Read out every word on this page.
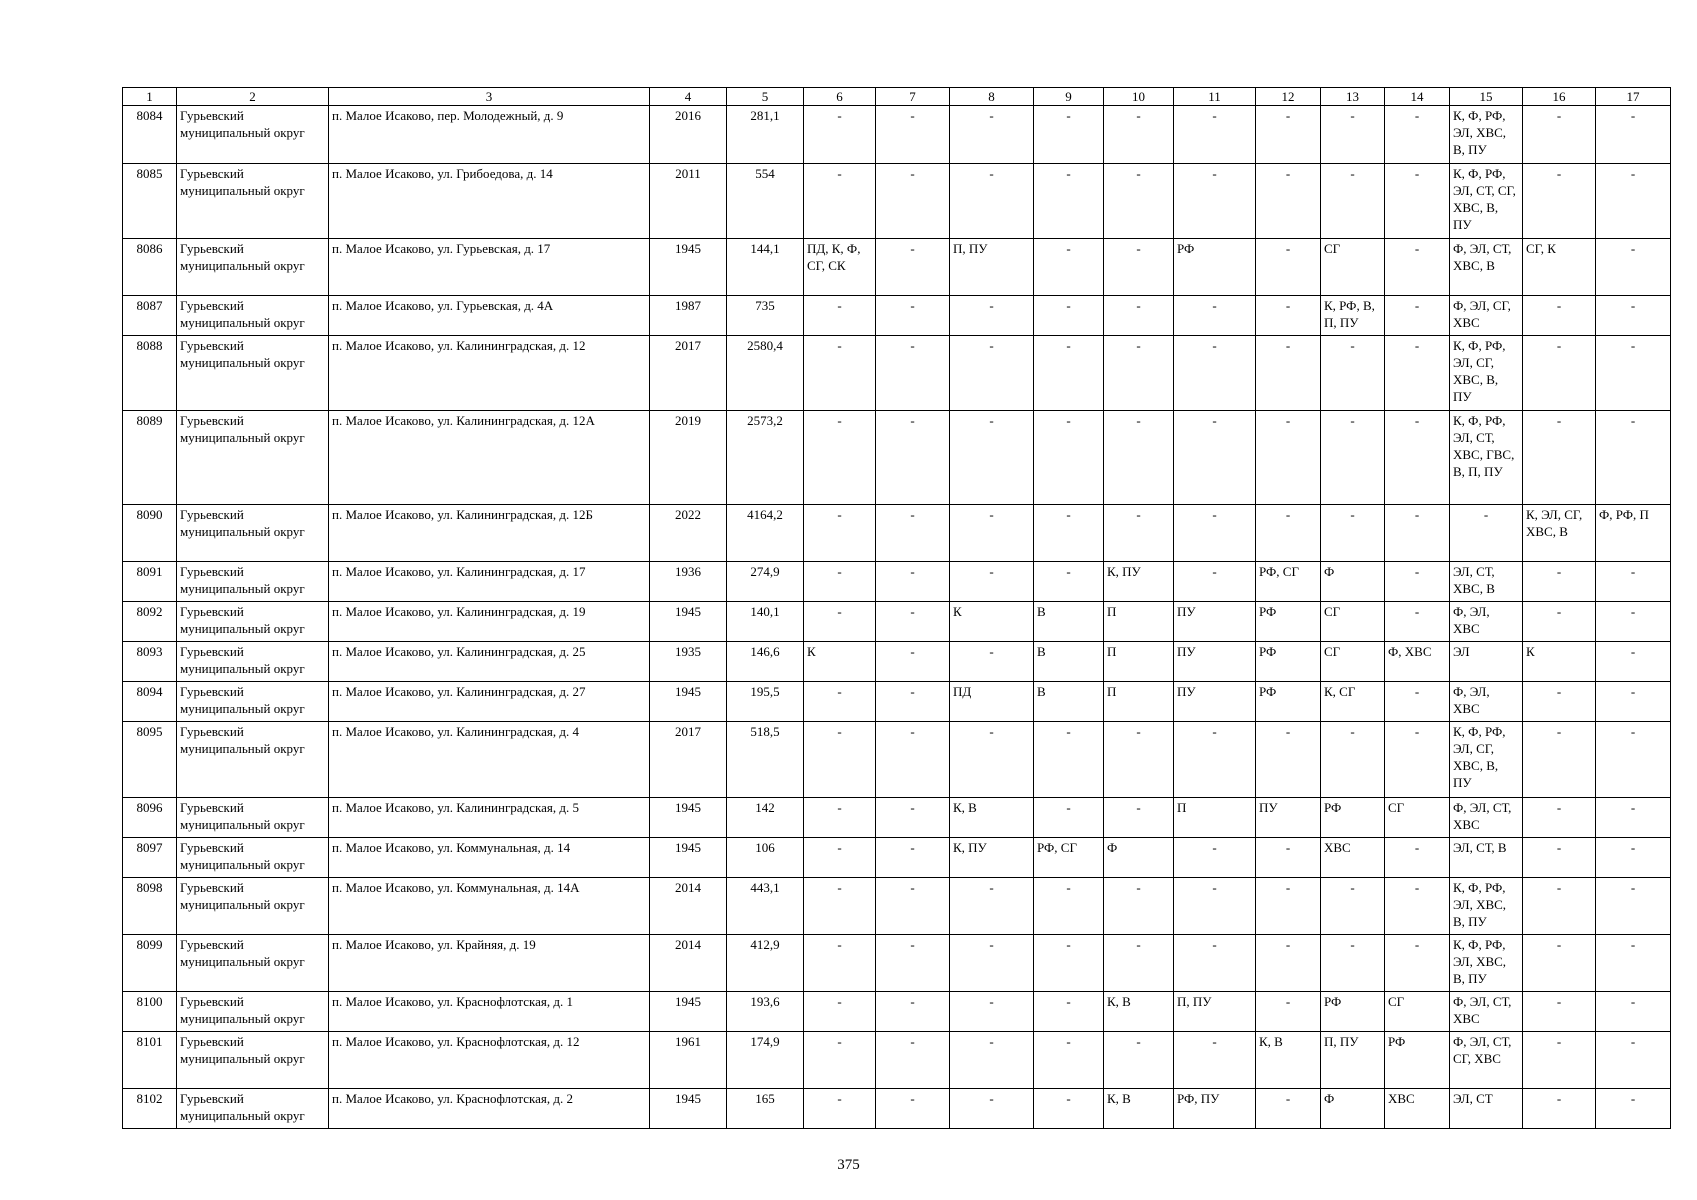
1	2	3	4	5	6	7	8	9	10	11	12	13	14	15	16	17
8084	Гурьевский муниципальный округ	п. Малое Исаково, пер. Молодежный, д. 9	2016	281,1	-	-	-	-	-	-	-	-	-	К, Ф, РФ, ЭЛ, ХВС, В, ПУ	-	-
8085	Гурьевский муниципальный округ	п. Малое Исаково, ул. Грибоедова, д. 14	2011	554	-	-	-	-	-	-	-	-	-	К, Ф, РФ, ЭЛ, СТ, СГ, ХВС, В, ПУ	-	-
8086	Гурьевский муниципальный округ	п. Малое Исаково, ул. Гурьевская, д. 17	1945	144,1	ПД, К, Ф, СГ, СК	-	П, ПУ	-	-	РФ	-	СГ	-	Ф, ЭЛ, СТ, ХВС, В	СГ, К	-
8087	Гурьевский муниципальный округ	п. Малое Исаково, ул. Гурьевская, д. 4А	1987	735	-	-	-	-	-	-	-	К, РФ, В, П, ПУ	-	Ф, ЭЛ, СГ, ХВС	-	-
8088	Гурьевский муниципальный округ	п. Малое Исаково, ул. Калининградская, д. 12	2017	2580,4	-	-	-	-	-	-	-	-	-	К, Ф, РФ, ЭЛ, СГ, ХВС, В, ПУ	-	-
8089	Гурьевский муниципальный округ	п. Малое Исаково, ул. Калининградская, д. 12А	2019	2573,2	-	-	-	-	-	-	-	-	-	К, Ф, РФ, ЭЛ, СТ, ХВС, ГВС, В, П, ПУ	-	-
8090	Гурьевский муниципальный округ	п. Малое Исаково, ул. Калининградская, д. 12Б	2022	4164,2	-	-	-	-	-	-	-	-	-	-	К, ЭЛ, СГ, ХВС, В	Ф, РФ, П
8091	Гурьевский муниципальный округ	п. Малое Исаково, ул. Калининградская, д. 17	1936	274,9	-	-	-	-	К, ПУ	-	РФ, СГ	Ф	-	ЭЛ, СТ, ХВС, В	-	-
8092	Гурьевский муниципальный округ	п. Малое Исаково, ул. Калининградская, д. 19	1945	140,1	-	-	К	В	П	ПУ	РФ	СГ	-	Ф, ЭЛ, ХВС	-	-
8093	Гурьевский муниципальный округ	п. Малое Исаково, ул. Калининградская, д. 25	1935	146,6	К	-	-	В	П	ПУ	РФ	СГ	Ф, ХВС	ЭЛ	К	-
8094	Гурьевский муниципальный округ	п. Малое Исаково, ул. Калининградская, д. 27	1945	195,5	-	-	ПД	В	П	ПУ	РФ	К, СГ	-	Ф, ЭЛ, ХВС	-	-
8095	Гурьевский муниципальный округ	п. Малое Исаково, ул. Калининградская, д. 4	2017	518,5	-	-	-	-	-	-	-	-	-	К, Ф, РФ, ЭЛ, СГ, ХВС, В, ПУ	-	-
8096	Гурьевский муниципальный округ	п. Малое Исаково, ул. Калининградская, д. 5	1945	142	-	-	К, В	-	-	П	ПУ	РФ	СГ	Ф, ЭЛ, СТ, ХВС	-	-
8097	Гурьевский муниципальный округ	п. Малое Исаково, ул. Коммунальная, д. 14	1945	106	-	-	К, ПУ	РФ, СГ	Ф	-	-	ХВС	-	ЭЛ, СТ, В	-	-
8098	Гурьевский муниципальный округ	п. Малое Исаково, ул. Коммунальная, д. 14А	2014	443,1	-	-	-	-	-	-	-	-	-	К, Ф, РФ, ЭЛ, ХВС, В, ПУ	-	-
8099	Гурьевский муниципальный округ	п. Малое Исаково, ул. Крайняя, д. 19	2014	412,9	-	-	-	-	-	-	-	-	-	К, Ф, РФ, ЭЛ, ХВС, В, ПУ	-	-
8100	Гурьевский муниципальный округ	п. Малое Исаково, ул. Краснофлотская, д. 1	1945	193,6	-	-	-	-	К, В	П, ПУ	-	РФ	СГ	Ф, ЭЛ, СТ, ХВС	-	-
8101	Гурьевский муниципальный округ	п. Малое Исаково, ул. Краснофлотская, д. 12	1961	174,9	-	-	-	-	-	-	К, В	П, ПУ	РФ	Ф, ЭЛ, СТ, СГ, ХВС	-	-
8102	Гурьевский муниципальный округ	п. Малое Исаково, ул. Краснофлотская, д. 2	1945	165	-	-	-	-	К, В	РФ, ПУ	-	Ф	ХВС	ЭЛ, СТ	-	-
375
